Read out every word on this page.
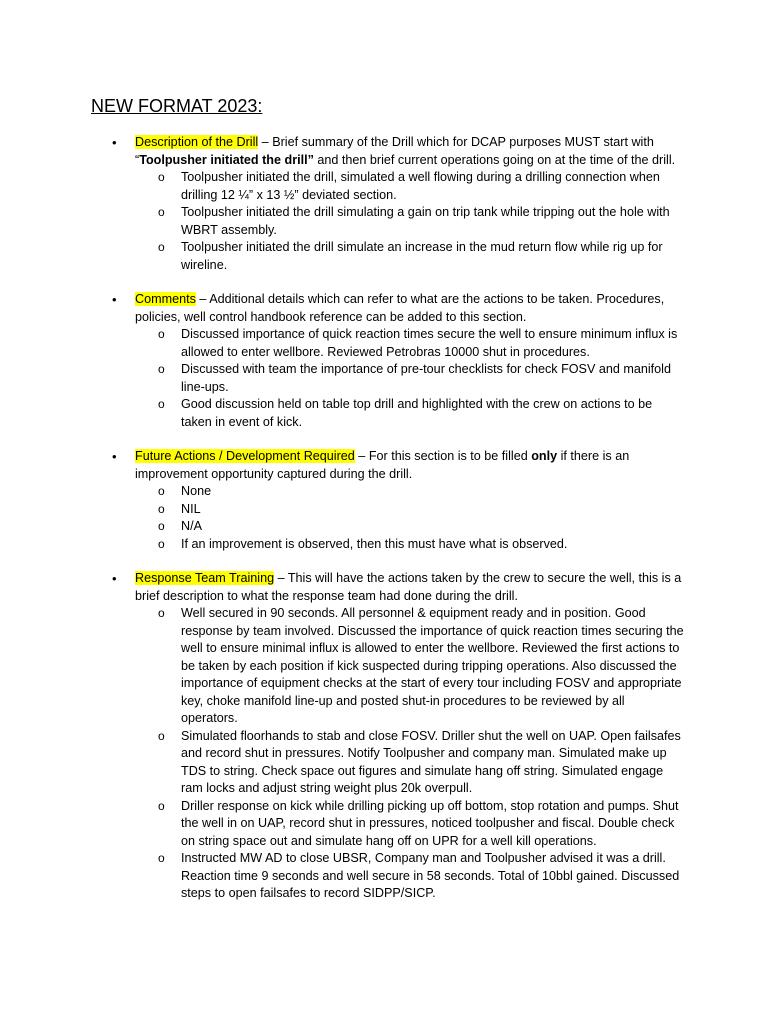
NEW FORMAT 2023:
•	Description of the Drill – Brief summary of the Drill which for DCAP purposes MUST start with “Toolpusher initiated the drill” and then brief current operations going on at the time of the drill.
o Toolpusher initiated the drill, simulated a well flowing during a drilling connection when drilling 12 ¼” x 13 ½” deviated section.
o Toolpusher initiated the drill simulating a gain on trip tank while tripping out the hole with WBRT assembly.
o Toolpusher initiated the drill simulate an increase in the mud return flow while rig up for wireline.
•	Comments – Additional details which can refer to what are the actions to be taken. Procedures, policies, well control handbook reference can be added to this section.
o Discussed importance of quick reaction times secure the well to ensure minimum influx is allowed to enter wellbore. Reviewed Petrobras 10000 shut in procedures.
o Discussed with team the importance of pre-tour checklists for check FOSV and manifold line-ups.
o Good discussion held on table top drill and highlighted with the crew on actions to be taken in event of kick.
•	Future Actions / Development Required – For this section is to be filled only if there is an improvement opportunity captured during the drill.
o None
o NIL
o N/A
o If an improvement is observed, then this must have what is observed.
•	Response Team Training – This will have the actions taken by the crew to secure the well, this is a brief description to what the response team had done during the drill.
o Well secured in 90 seconds. All personnel & equipment ready and in position. Good response by team involved. Discussed the importance of quick reaction times securing the well to ensure minimal influx is allowed to enter the wellbore. Reviewed the first actions to be taken by each position if kick suspected during tripping operations. Also discussed the importance of equipment checks at the start of every tour including FOSV and appropriate key, choke manifold line-up and posted shut-in procedures to be reviewed by all operators.
o Simulated floorhands to stab and close FOSV. Driller shut the well on UAP. Open failsafes and record shut in pressures. Notify Toolpusher and company man. Simulated make up TDS to string. Check space out figures and simulate hang off string. Simulated engage ram locks and adjust string weight plus 20k overpull.
o Driller response on kick while drilling picking up off bottom, stop rotation and pumps. Shut the well in on UAP, record shut in pressures, noticed toolpusher and fiscal. Double check on string space out and simulate hang off on UPR for a well kill operations.
o Instructed MW AD to close UBSR, Company man and Toolpusher advised it was a drill. Reaction time 9 seconds and well secure in 58 seconds. Total of 10bbl gained. Discussed steps to open failsafes to record SIDPP/SICP.
